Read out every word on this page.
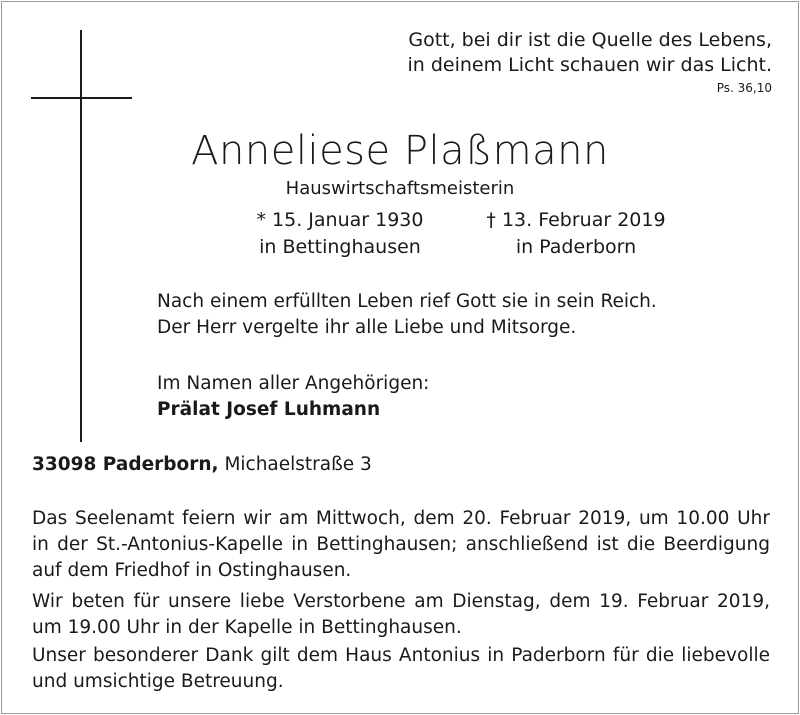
Gott, bei dir ist die Quelle des Lebens,
in deinem Licht schauen wir das Licht.
Ps. 36,10
Anneliese Plaßmann
Hauswirtschaftsmeisterin
* 15. Januar 1930
in Bettinghausen
† 13. Februar 2019
in Paderborn
Nach einem erfüllten Leben rief Gott sie in sein Reich.
Der Herr vergelte ihr alle Liebe und Mitsorge.
Im Namen aller Angehörigen:
Prälat Josef Luhmann
33098 Paderborn, Michaelstraße 3
Das Seelenamt feiern wir am Mittwoch, dem 20. Februar 2019, um 10.00 Uhr in der St.-Antonius-Kapelle in Bettinghausen; anschließend ist die Beerdigung auf dem Friedhof in Ostinghausen.
Wir beten für unsere liebe Verstorbene am Dienstag, dem 19. Februar 2019, um 19.00 Uhr in der Kapelle in Bettinghausen.
Unser besonderer Dank gilt dem Haus Antonius in Paderborn für die liebevolle und umsichtige Betreuung.
